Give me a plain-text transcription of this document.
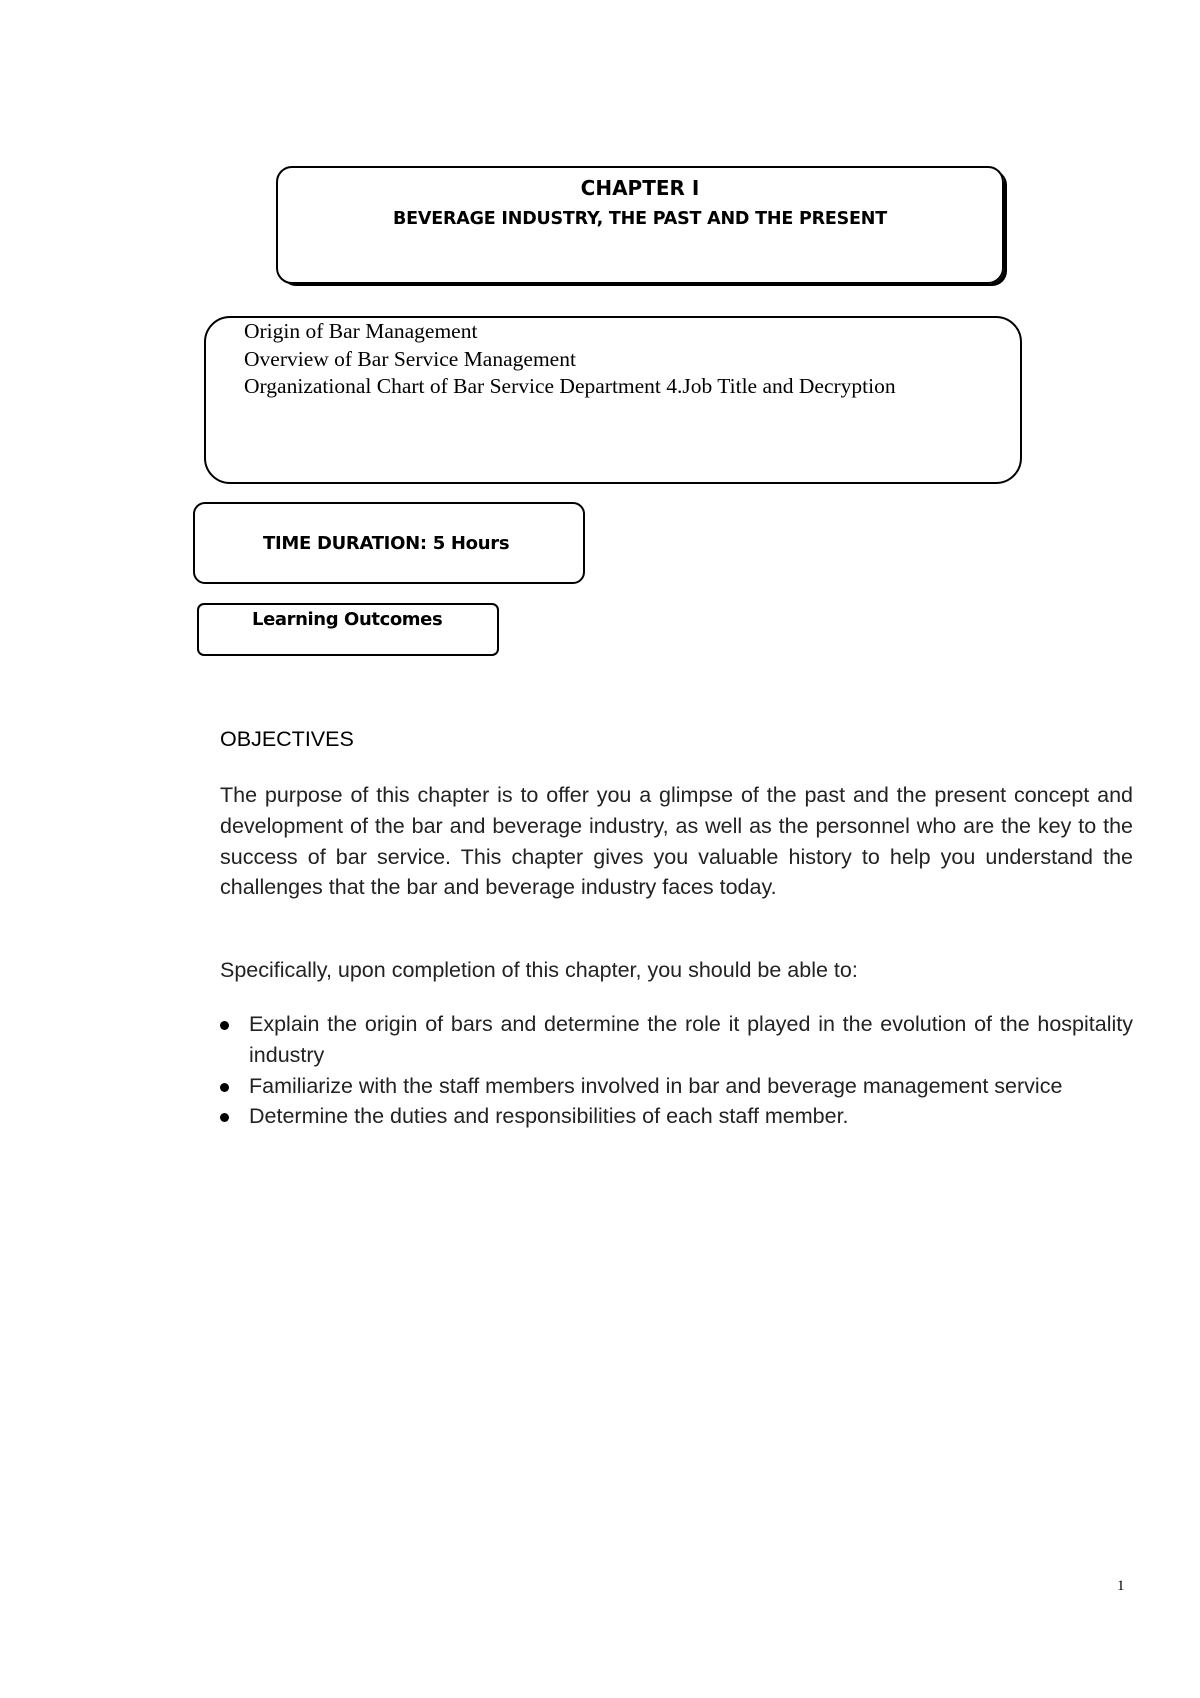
CHAPTER I
BEVERAGE INDUSTRY, THE PAST AND THE PRESENT
Origin of Bar Management
Overview of Bar Service Management
Organizational Chart of Bar Service Department 4.Job Title and Decryption
TIME DURATION: 5 Hours
Learning Outcomes
OBJECTIVES

The purpose of this chapter is to offer you a glimpse of the past and the present concept and development of the bar and beverage industry, as well as the personnel who are the key to the success of bar service. This chapter gives you valuable history to help you understand the challenges that the bar and beverage industry faces today.

Specifically, upon completion of this chapter, you should be able to:

Explain the origin of bars and determine the role it played in the evolution of the hospitality industry
Familiarize with the staff members involved in bar and beverage management service
Determine the duties and responsibilities of each staff member.
1
